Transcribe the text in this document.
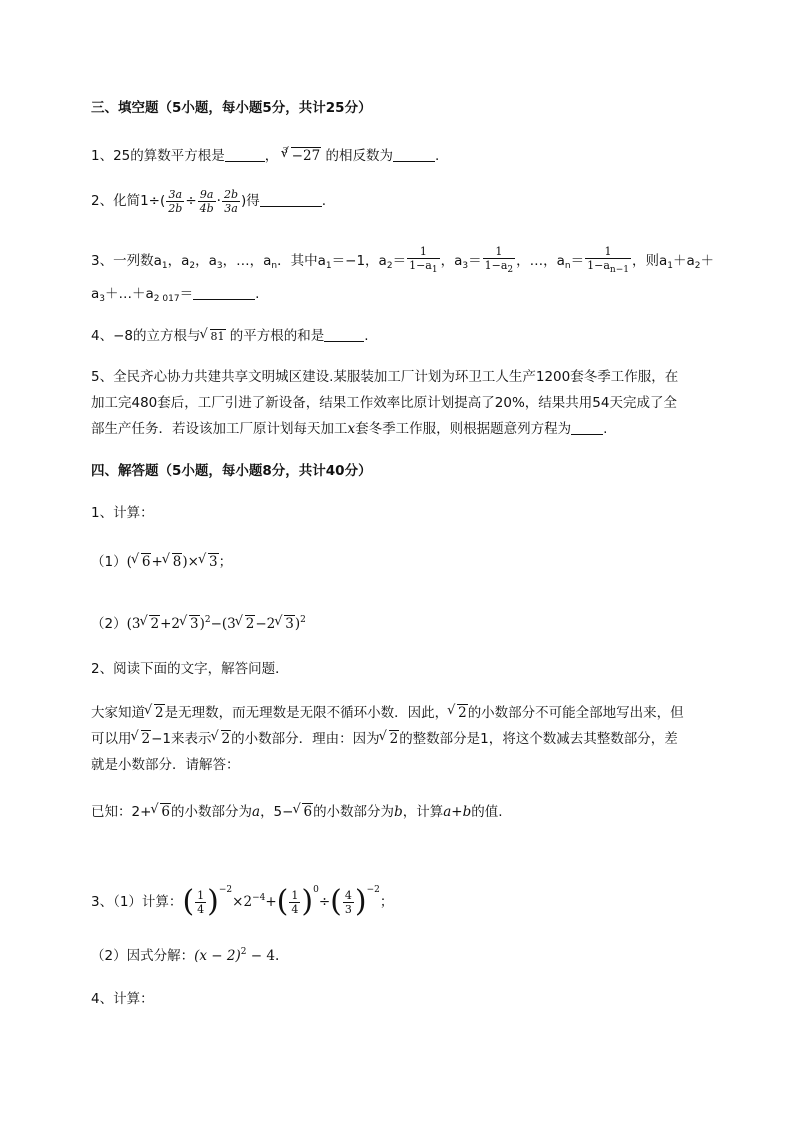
三、填空题（5小题，每小题5分，共计25分）
1、25的算数平方根是	， $^3$ √ −27 的相反数为	.
2、化简$1\div( \frac{3a}{2b} \div \frac{9a}{4b} \cdot \frac{2b}{3a}$ )得	.
3、一列数$a_1$，$a_2$，$a_3$，…，$a_n$．其中$a_1=-1$，$a_2= \frac{1}{1-a_1}$ ，$a_3= \frac{1}{1-a_2}$ ，…，$a_n= \frac{1}{1-a_{n-1}}$ ，则$a_1+a_2+$
$a_3+\dots+a_{2 017}=$	.
4、−8的立方根与 √ 81 的平方根的和是	.
5、全民齐心协力共建共享文明城区建设.某服装加工厂计划为环卫工人生产1200套冬季工作服，在
加工完480套后，工厂引进了新设备，结果工作效率比原计划提高了20%，结果共用54天完成了全
部生产任务．若设该加工厂原计划每天加工x套冬季工作服，则根据题意列方程为 .
四、解答题（5小题，每小题8分，共计40分）
1、计算：
（1）( √ 6+ √ 8)× √ 3；
（2）(3 √ 2+2 √ 3)$^2$−(3 √ 2−2 √ 3)$^2$
2、阅读下面的文字，解答问题．
大家知道 √ 2是无理数，而无理数是无限不循环小数．因此， √ 2的小数部分不可能全部地写出来，但
可以用 √ 2−1来表示 √ 2的小数部分．理由：因为 √ 2的整数部分是1，将这个数减去其整数部分，差
就是小数部分．请解答：
已知：2+ √ 6的小数部分为a，5− √ 6的小数部分为b，计算a+b的值.
3、（1）计算：( $\frac{1}{4} )^{-2}\times 2^{-4}+( \frac{1}{4} )^0\div( \frac{4}{3} )^{-2}$；
（2）因式分解：$(x - 2)^2 - 4$.
4、计算：
